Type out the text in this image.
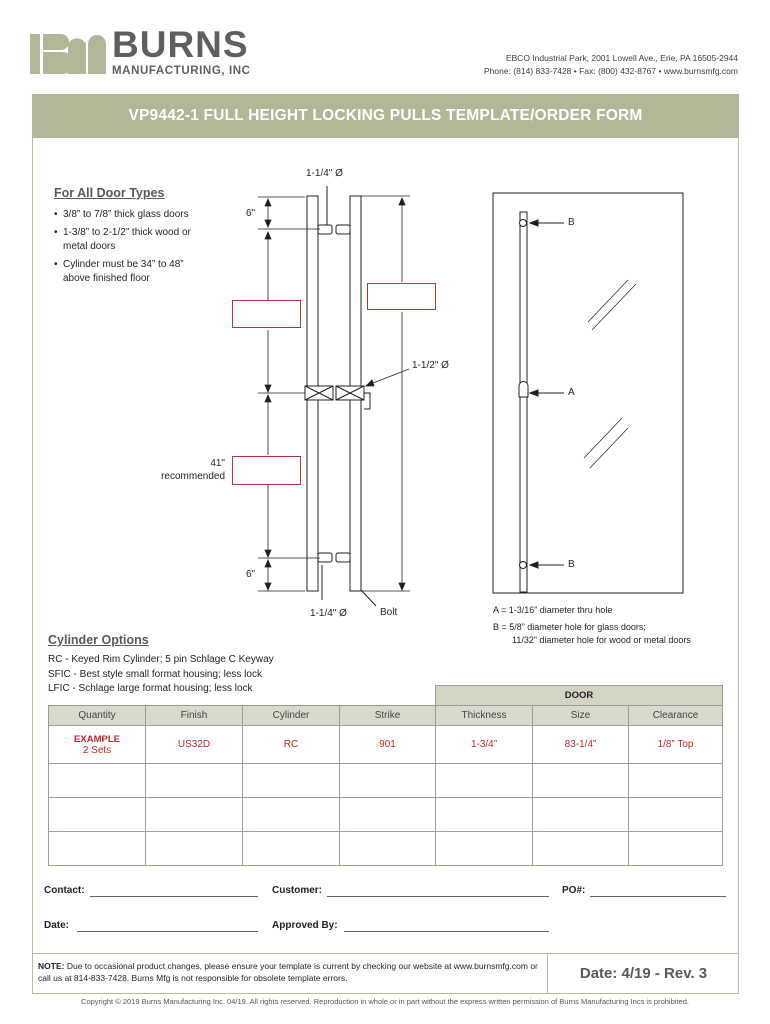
BURNS
MANUFACTURING, INC
EBCO Industrial Park, 2001 Lowell Ave., Erie, PA 16505-2944
Phone: (814) 833-7428 • Fax: (800) 432-8767 • www.burnsmfg.com
VP9442-1 FULL HEIGHT LOCKING PULLS TEMPLATE/ORDER FORM
For All Door Types
• 3/8” to 7/8” thick glass doors
• 1-3/8” to 2-1/2” thick wood or metal doors
• Cylinder must be 34” to 48” above finished floor
1-1/4" Ø
6"
1-1/2" Ø
41"
recommended
6"
1-1/4" Ø	Bolt
B
A
B
A = 1-3/16” diameter thru hole
B = 5/8” diameter hole for glass doors;
11/32” diameter hole for wood or metal doors
Cylinder Options
RC - Keyed Rim Cylinder; 5 pin Schlage C Keyway
SFIC - Best style small format housing; less lock
LFIC - Schlage large format housing; less lock
				DOOR		
Quantity	Finish	Cylinder	Strike	Thickness	Size	Clearance

EXAMPLE
2 Sets	US32D	RC	901	1-3/4”	83-1/4”	1/8” Top

Contact:	Customer:	PO#:
Date:	Approved By:
NOTE: Due to occasional product changes, please ensure your template is current by checking our website at www.burnsmfg.com or call us at 814-833-7428. Burns Mfg is not responsible for obsolete template errors.	Date: 4/19 - Rev. 3
Copyright © 2019 Burns Manufacturing Inc. 04/19. All rights reserved. Reproduction in whole or in part without the express written permission of Burns Manufacturing Incs is prohibited.
